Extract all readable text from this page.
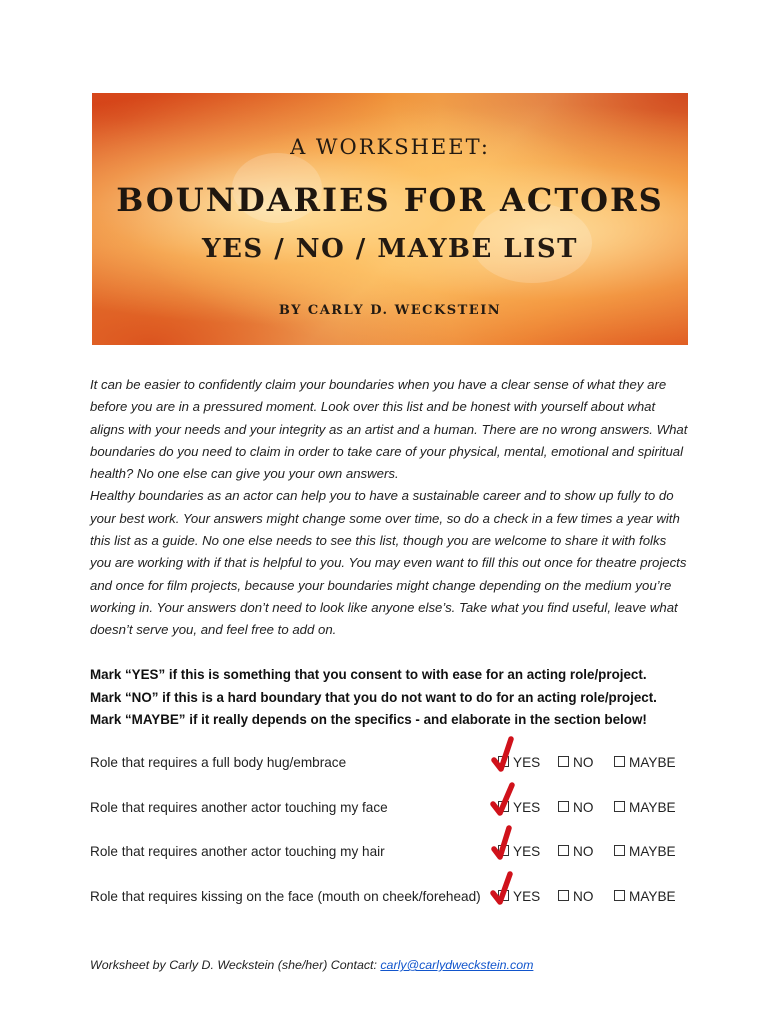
A WORKSHEET:
BOUNDARIES FOR ACTORS
YES / NO / MAYBE LIST
BY CARLY D. WECKSTEIN

It can be easier to confidently claim your boundaries when you have a clear sense of what they are before you are in a pressured moment. Look over this list and be honest with yourself about what aligns with your needs and your integrity as an artist and a human. There are no wrong answers. What boundaries do you need to claim in order to take care of your physical, mental, emotional and spiritual health? No one else can give you your own answers.

Healthy boundaries as an actor can help you to have a sustainable career and to show up fully to do your best work. Your answers might change some over time, so do a check in a few times a year with this list as a guide. No one else needs to see this list, though you are welcome to share it with folks you are working with if that is helpful to you. You may even want to fill this out once for theatre projects and once for film projects, because your boundaries might change depending on the medium you’re working in. Your answers don’t need to look like anyone else’s. Take what you find useful, leave what doesn’t serve you, and feel free to add on.

Mark “YES” if this is something that you consent to with ease for an acting role/project.
Mark “NO” if this is a hard boundary that you do not want to do for an acting role/project.
Mark “MAYBE” if it really depends on the specifics - and elaborate in the section below!
Role that requires a full body hug/embrace	YES	NO	MAYBE
Role that requires another actor touching my face	YES	NO	MAYBE
Role that requires another actor touching my hair	YES	NO	MAYBE
Role that requires kissing on the face (mouth on cheek/forehead)	YES	NO	MAYBE
Worksheet by Carly D. Weckstein (she/her) Contact: carly@carlydweckstein.com
